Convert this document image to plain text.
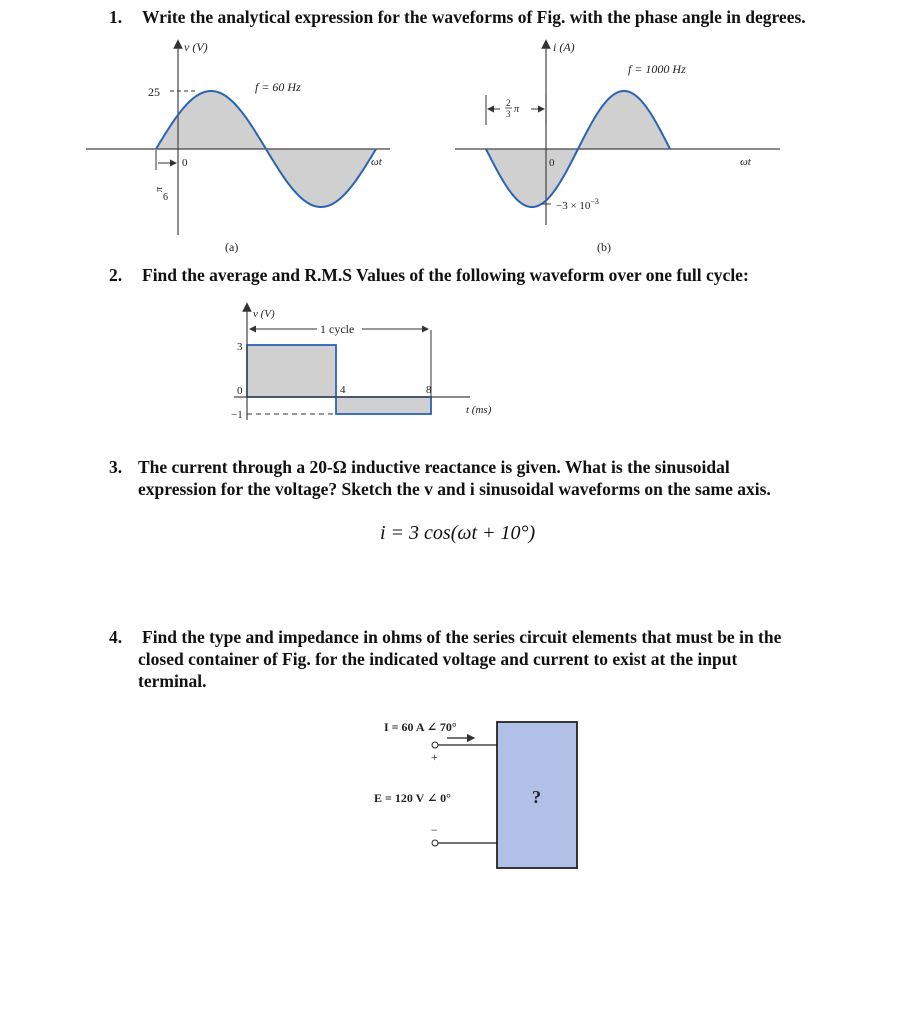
1. Write the analytical expression for the waveforms of Fig. with the phase angle in degrees.
2. Find the average and R.M.S Values of the following waveform over one full cycle:
3. The current through a 20-Ω inductive reactance is given. What is the sinusoidal
expression for the voltage? Sketch the v and i sinusoidal waveforms on the same axis.
i = 3 cos(ωt + 10°)
4. Find the type and impedance in ohms of the series circuit elements that must be in the
closed container of Fig. for the indicated voltage and current to exist at the input
terminal.
25
v (V)
f = 60 Hz
0	ωt
π
6
(a)
i (A)
f = 1000 Hz
2
3 π
0	ωt
$-3 \times 10^{-3}$
(b)
1 cycle
v (V)
3
0
−1
4	8
t (ms)
?
I = 60 A ∠ 70°
+
−
E = 120 V ∠ 0°
